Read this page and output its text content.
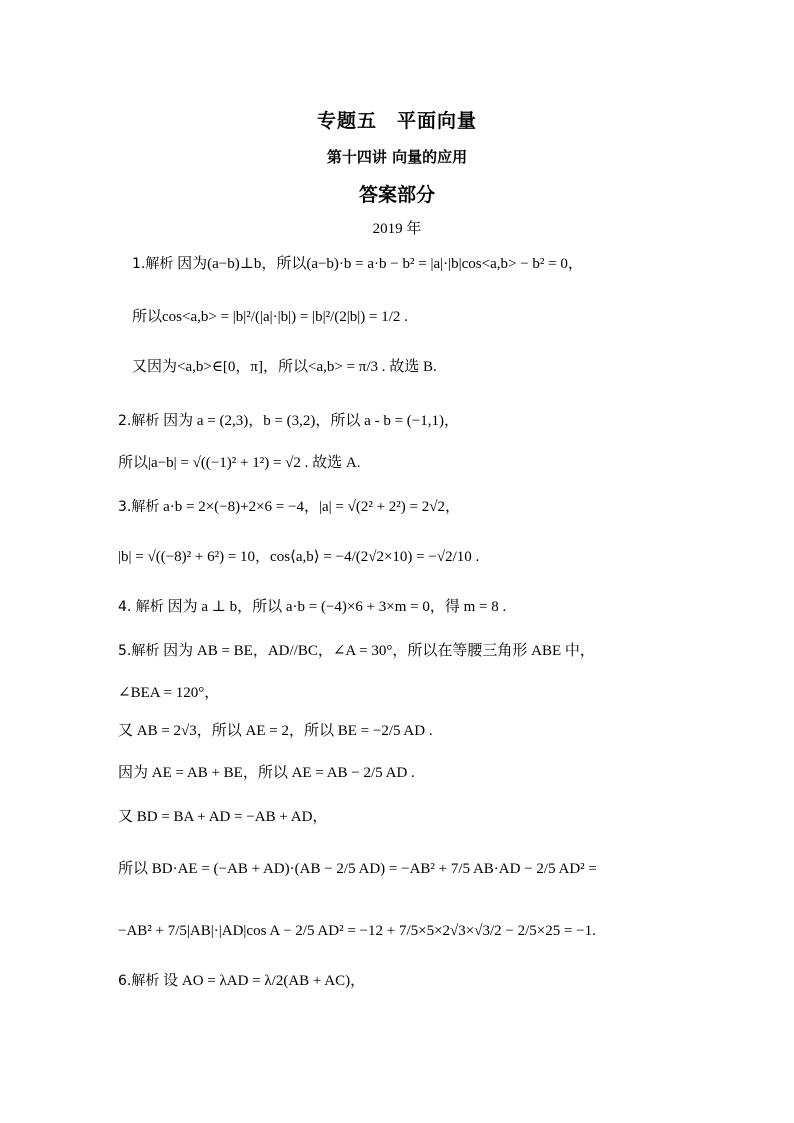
专题五　平面向量
第十四讲 向量的应用
答案部分
2019 年
1.解析 因为(a−b)⊥b，所以(a−b)·b = a·b − b² = |a|·|b|cos<a,b> − b² = 0，
所以cos<a,b> = |b|²/(|a|·|b|) = |b|²/(2|b|) = 1/2 .
又因为<a,b>∈[0，π]，所以<a,b> = π/3 . 故选 B.
2.解析 因为 a = (2,3)，b = (3,2)，所以 a - b = (−1,1)，
所以|a−b| = √((−1)² + 1²) = √2 . 故选 A.
3.解析 a·b = 2×(−8)+2×6 = −4，|a| = √(2² + 2²) = 2√2，
|b| = √((−8)² + 6²) = 10，cos⟨a,b⟩ = −4/(2√2×10) = −√2/10 .
4. 解析 因为 a ⊥ b，所以 a·b = (−4)×6 + 3×m = 0，得 m = 8 .
5.解析 因为 AB = BE，AD//BC，∠A = 30°，所以在等腰三角形 ABE 中，
∠BEA = 120°，
又 AB = 2√3，所以 AE = 2，所以 BE = −2/5 AD .
因为 AE = AB + BE，所以 AE = AB − 2/5 AD .
又 BD = BA + AD = −AB + AD，
所以 BD·AE = (−AB + AD)·(AB − 2/5 AD) = −AB² + 7/5 AB·AD − 2/5 AD² =
−AB² + 7/5|AB|·|AD|cos A − 2/5 AD² = −12 + 7/5×5×2√3×√3/2 − 2/5×25 = −1.
6.解析 设 AO = λAD = λ/2(AB + AC)，
